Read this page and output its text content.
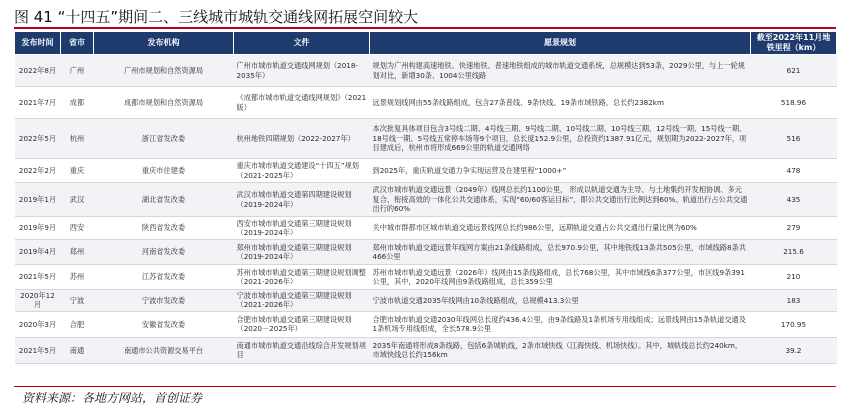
图 41 “十四五”期间二、三线城市城轨交通线网拓展空间较大
发布时间	省市	发布机构	文件	愿景规划	截至2022年11月地铁里程（km）
2022年8月	广州	广州市规划和自然资源局	广州市城市轨道交通线网规划（2018-2035年）	规划为广州构建高速地铁、快速地铁、普速地铁组成的城市轨道交通系统，总规模达到53条，2029公里，与上一轮规划对比，新增30条、1004公里线路	621
2021年7月	成都	成都市规划和自然资源局	《成都市城市轨道交通线网规划》（2021版）	远景规划线网由55条线路组成，包含27条普线、9条快线、19条市域铁路，总长约2382km	518.96
2022年5月	杭州	浙江省发改委	杭州地铁四期规划（2022-2027年）	本次批复具体项目包含3号线二期、4号线三期、9号线二期、10号线二期、10号线三期、12号线一期、15号线一期、18号线一期、5号线五常停车场等9个项目，总长度152.9公里，总投资约1387.91亿元，规划期为2022-2027年，项目建成后，杭州市将形成669公里的轨道交通网络	516
2022年2月	重庆	重庆市住建委	重庆市城市轨道交通建设“十四五”规划（2021-2025年）	到2025年，重庆轨道交通力争实现运营及在建里程“1000+”	478
2019年1月	武汉	湖北省发改委	武汉市城市轨道交通第四期建设规划（2019-2024年）	武汉市城市轨道交通远景（2049年）线网总长约1100公里， 形成以轨道交通为主导、与土地集约开发相协调、多元复合、衔接高效的一体化公共交通体系，实现“60/60客运目标”，即公共交通出行比例达到60%、轨道出行占公共交通出行的60%	435
2019年9月	西安	陕西省发改委	西安市城市轨道交通第三期建设规划（2019-2024年）	关中城市群都市区城市轨道交通远景线网总长约986公里，远期轨道交通占公共交通出行量比例为60%	279
2019年4月	郑州	河南省发改委	郑州市城市轨道交通第三期建设规划（2019-2024年）	郑州市城市轨道交通远景年线网方案由21条线路组成，总长970.9公里，其中地铁线13条共505公里，市域线路8条共466公里	215.6
2021年5月	苏州	江苏省发改委	苏州市城市轨道交通第三期建设规划调整（2021-2026年）	苏州市城市轨道交通远景（2026年）线网由15条线路组成，总长768公里，其中市域线6条377公里，市区线9条391公里，其中，2020年线网由9条线路组成，总长359公里	210
2020年12月	宁波	宁波市发改委	宁波市城市轨道交通第三期建设规划（2021-2026年）	宁波市轨道交通2035年线网由10条线路组成，总规模413.3公里	183
2020年3月	合肥	安徽省发改委	合肥市城市轨道交通第三期建设规划（2020－2025年）	合肥市城市轨道交通2030年线网总长度约436.4公里，由9条线路及1条机场专用线组成；远景线网由15条轨道交通及1条机场专用线组成，全长578.9公里	170.95
2021年5月	南通	南通市公共资源交易平台	南通市城市轨道交通沿线综合开发规划项目	2035年南通将形成8条线路，包括6条城轨线，2条市域快线（江海快线、机场快线）。其中，城轨线总长约240km，市域快线总长约156km	39.2
资料来源：各地方网站，首创证券
